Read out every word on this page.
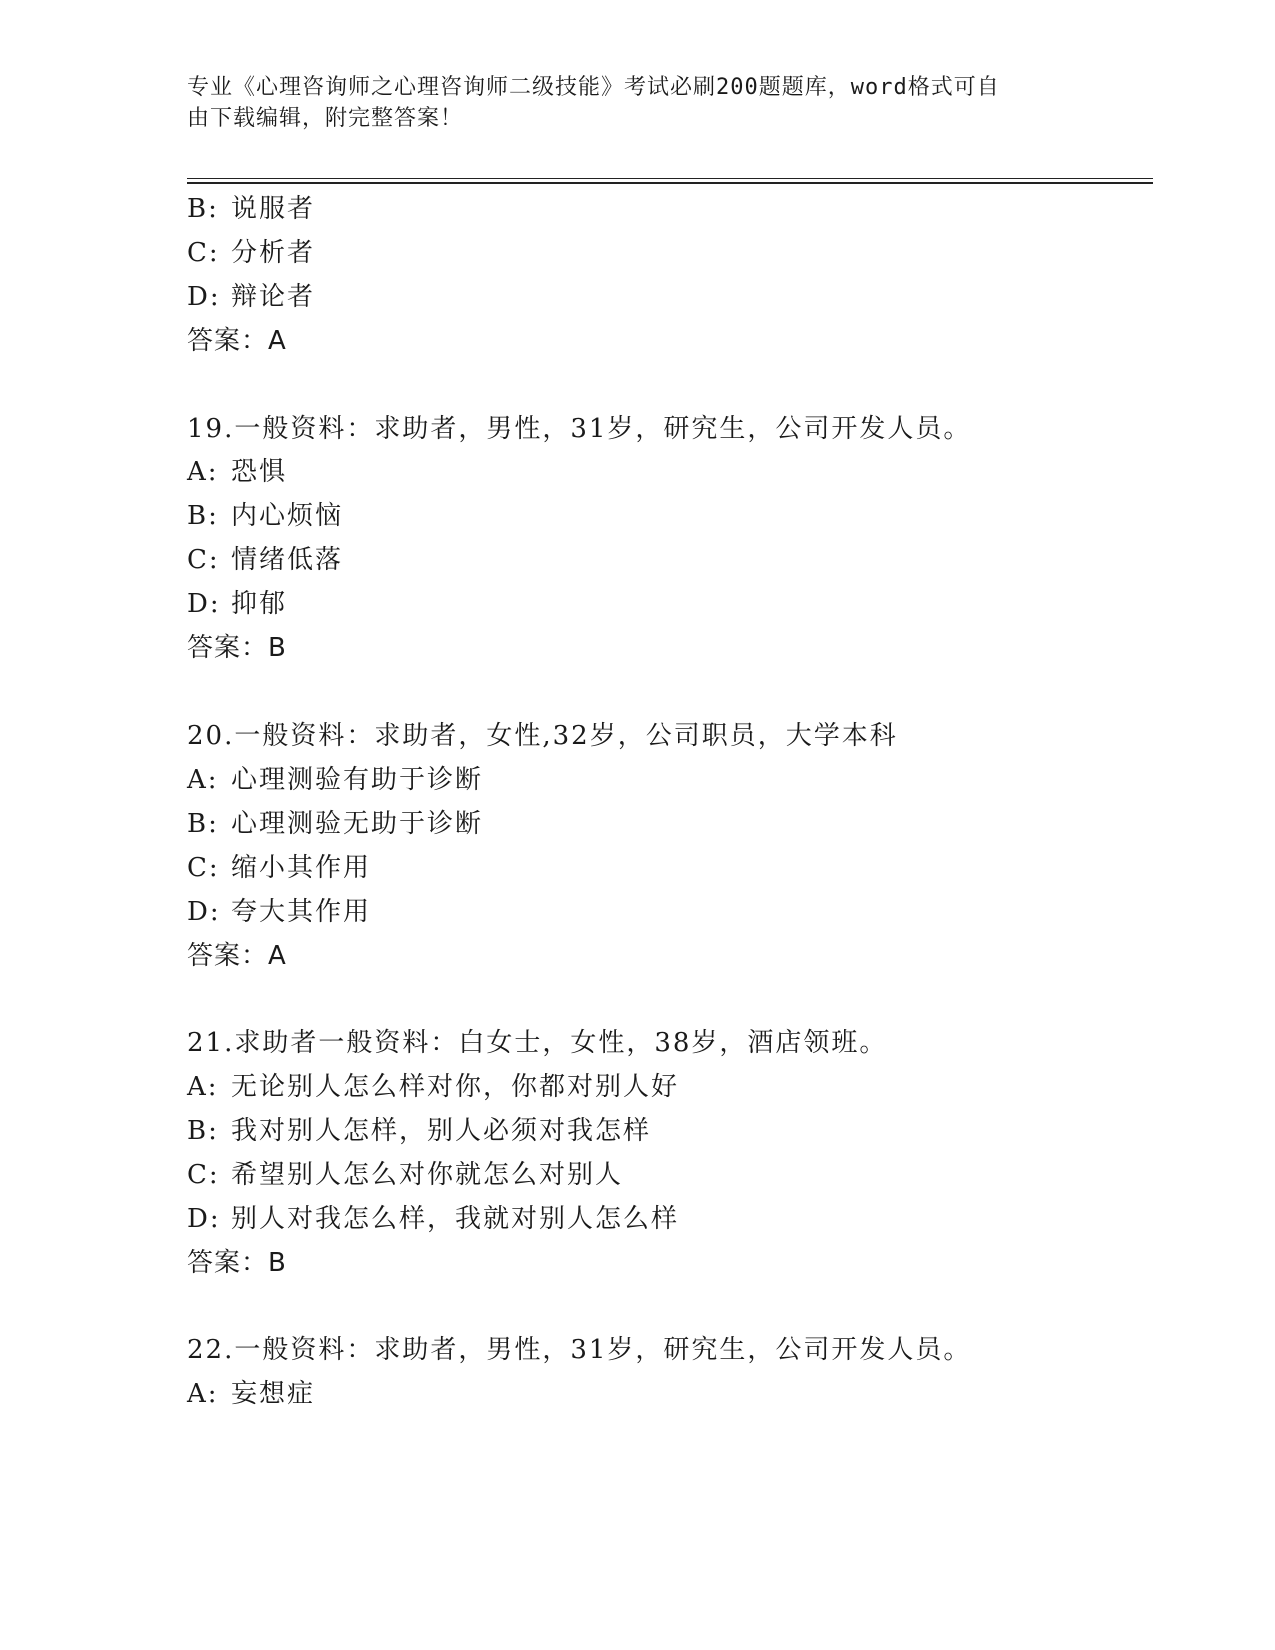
专业《心理咨询师之心理咨询师二级技能》考试必刷200题题库，word格式可自
由下载编辑，附完整答案！
B: 说服者
C: 分析者
D: 辩论者
答案：A
19.一般资料：求助者，男性，31岁，研究生，公司开发人员。
A: 恐惧
B: 内心烦恼
C: 情绪低落
D: 抑郁
答案：B
20.一般资料：求助者，女性,32岁，公司职员，大学本科
A: 心理测验有助于诊断
B: 心理测验无助于诊断
C: 缩小其作用
D: 夸大其作用
答案：A
21.求助者一般资料：白女士，女性，38岁，酒店领班。
A: 无论别人怎么样对你，你都对别人好
B: 我对别人怎样，别人必须对我怎样
C: 希望别人怎么对你就怎么对别人
D: 别人对我怎么样，我就对别人怎么样
答案：B
22.一般资料：求助者，男性，31岁，研究生，公司开发人员。
A: 妄想症
